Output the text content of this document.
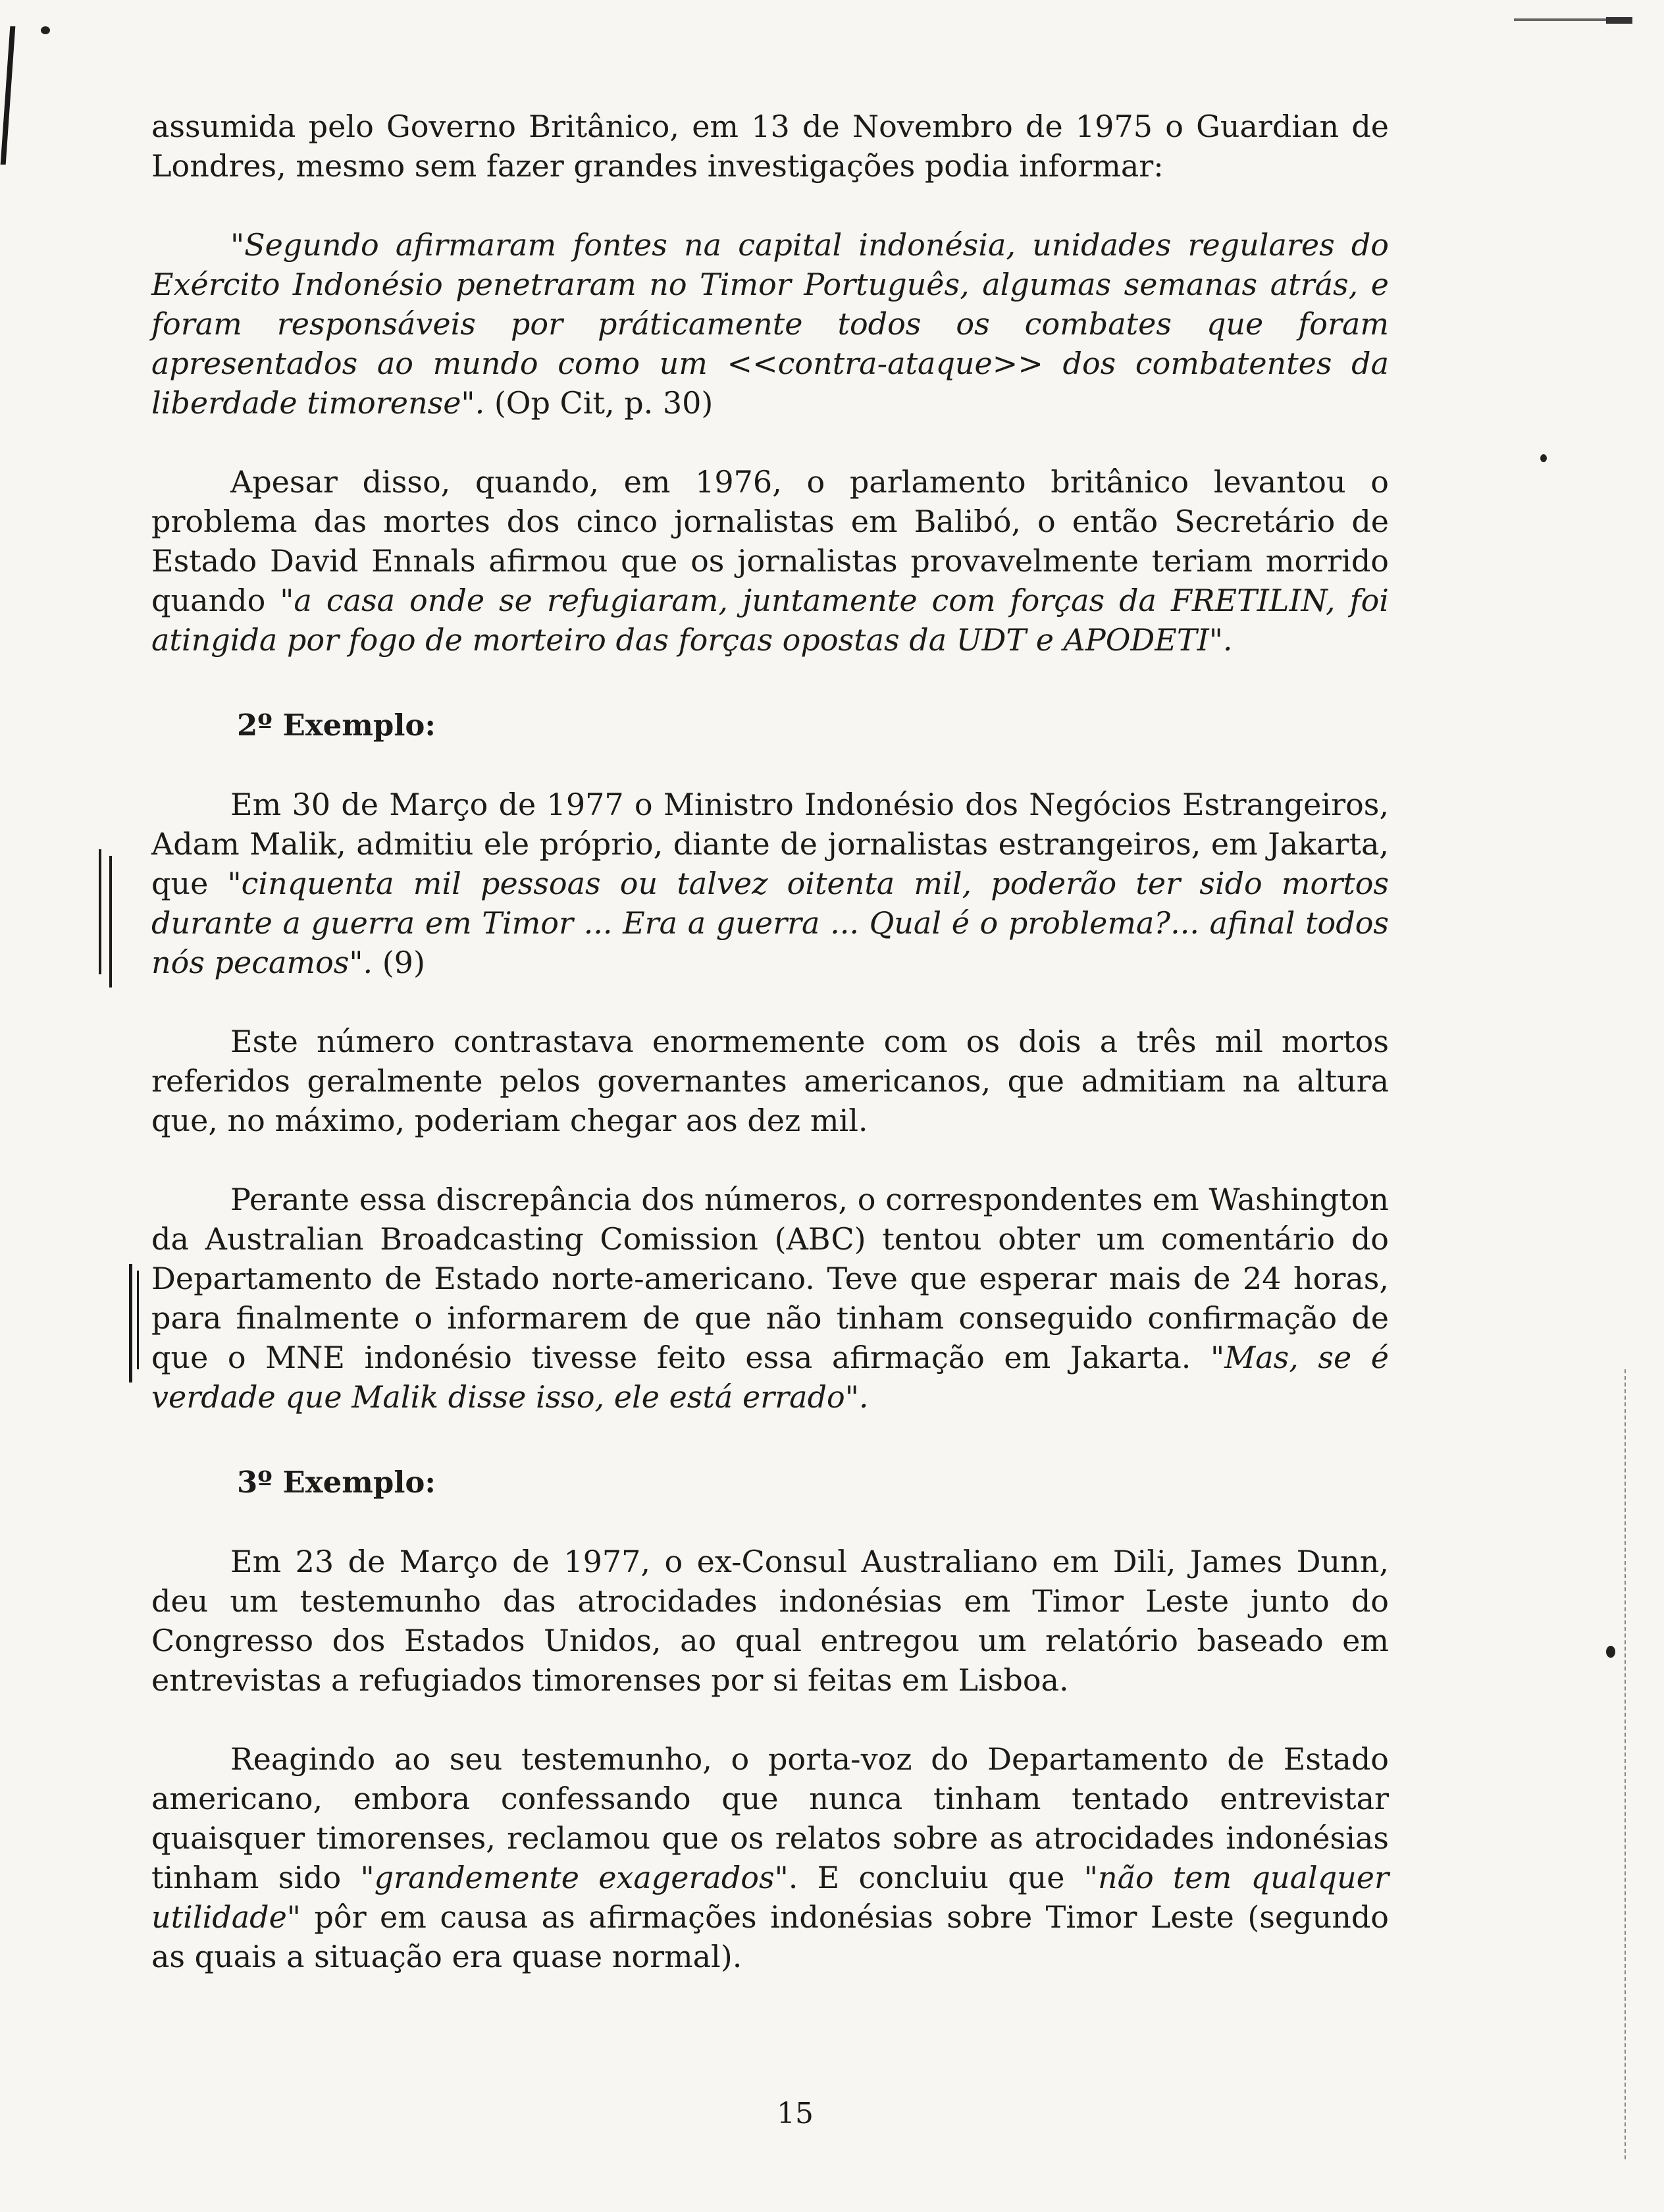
assumida pelo Governo Britânico, em 13 de Novembro de 1975 o Guardian de Londres, mesmo sem fazer grandes investigações podia informar:

"Segundo afirmaram fontes na capital indonésia, unidades regulares do Exército Indonésio penetraram no Timor Português, algumas semanas atrás, e foram responsáveis por práticamente todos os combates que foram apresentados ao mundo como um <<contra-ataque>> dos combatentes da liberdade timorense". (Op Cit, p. 30)

Apesar disso, quando, em 1976, o parlamento britânico levantou o problema das mortes dos cinco jornalistas em Balibó, o então Secretário de Estado David Ennals afirmou que os jornalistas provavelmente teriam morrido quando "a casa onde se refugiaram, juntamente com forças da FRETILIN, foi atingida por fogo de morteiro das forças opostas da UDT e APODETI".

2º Exemplo:

Em 30 de Março de 1977 o Ministro Indonésio dos Negócios Estrangeiros, Adam Malik, admitiu ele próprio, diante de jornalistas estrangeiros, em Jakarta, que "cinquenta mil pessoas ou talvez oitenta mil, poderão ter sido mortos durante a guerra em Timor ... Era a guerra ... Qual é o problema?... afinal todos nós pecamos". (9)

Este número contrastava enormemente com os dois a três mil mortos referidos geralmente pelos governantes americanos, que admitiam na altura que, no máximo, poderiam chegar aos dez mil.

Perante essa discrepância dos números, o correspondentes em Washington da Australian Broadcasting Comission (ABC) tentou obter um comentário do Departamento de Estado norte-americano. Teve que esperar mais de 24 horas, para finalmente o informarem de que não tinham conseguido confirmação de que o MNE indonésio tivesse feito essa afirmação em Jakarta. "Mas, se é verdade que Malik disse isso, ele está errado".

3º Exemplo:

Em 23 de Março de 1977, o ex-Consul Australiano em Dili, James Dunn, deu um testemunho das atrocidades indonésias em Timor Leste junto do Congresso dos Estados Unidos, ao qual entregou um relatório baseado em entrevistas a refugiados timorenses por si feitas em Lisboa.

Reagindo ao seu testemunho, o porta-voz do Departamento de Estado americano, embora confessando que nunca tinham tentado entrevistar quaisquer timorenses, reclamou que os relatos sobre as atrocidades indonésias tinham sido "grandemente exagerados". E concluiu que "não tem qualquer utilidade" pôr em causa as afirmações indonésias sobre Timor Leste (segundo as quais a situação era quase normal).

15
